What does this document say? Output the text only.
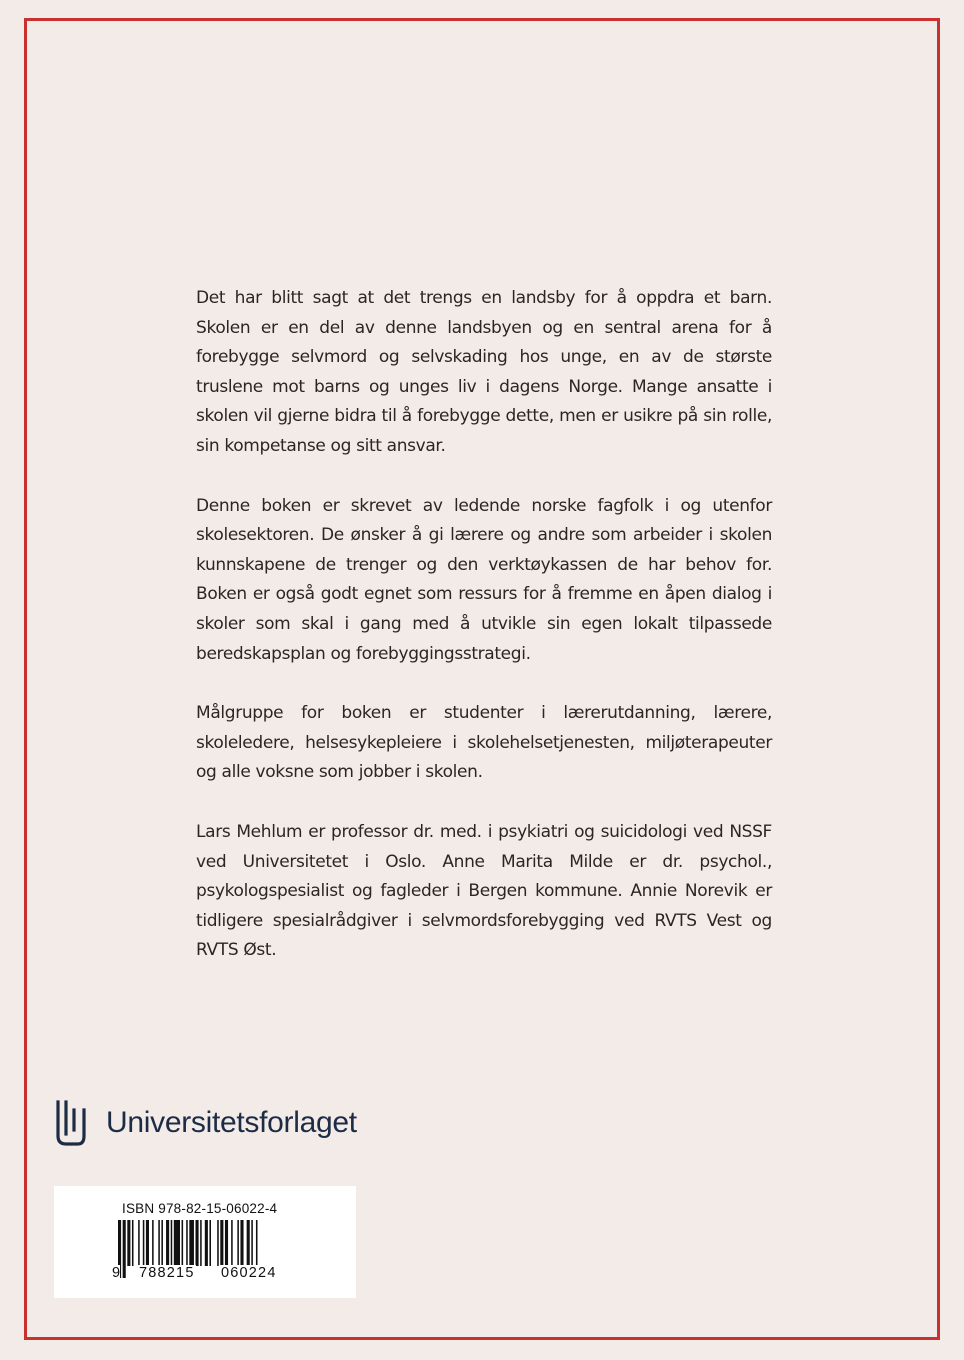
Det har blitt sagt at det trengs en landsby for å oppdra et barn. Skolen er en del av denne landsbyen og en sentral arena for å forebygge selvmord og selvskading hos unge, en av de største truslene mot barns og unges liv i dagens Norge. Mange ansatte i skolen vil gjerne bidra til å forebygge dette, men er usikre på sin rolle, sin kompetanse og sitt ansvar.

Denne boken er skrevet av ledende norske fagfolk i og utenfor skolesektoren. De ønsker å gi lærere og andre som arbeider i skolen kunnskapene de trenger og den verktøykassen de har behov for. Boken er også godt egnet som ressurs for å fremme en åpen dialog i skoler som skal i gang med å utvikle sin egen lokalt tilpassede beredskapsplan og forebyggingsstrategi.

Målgruppe for boken er studenter i lærerutdanning, lærere, skoleledere, helsesykepleiere i skolehelsetjenesten, miljøterapeuter og alle voksne som jobber i skolen.

Lars Mehlum er professor dr. med. i psykiatri og suicidologi ved NSSF ved Universitetet i Oslo. Anne Marita Milde er dr. psychol., psykologspesialist og fagleder i Bergen kommune. Annie Norevik er tidligere spesialrådgiver i selvmordsforebygging ved RVTS Vest og RVTS Øst.

Universitetsforlaget
ISBN 978-82-15-06022-4
9 788215 060224
